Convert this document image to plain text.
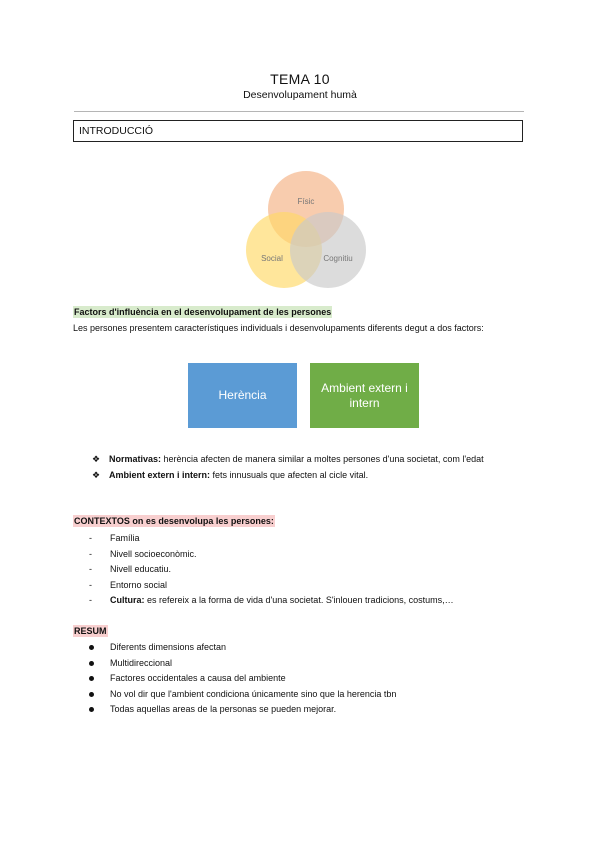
TEMA 10
Desenvolupament humà
INTRODUCCIÓ
Físic
Social	Cognitiu
Factors d'influència en el desenvolupament de les persones
Les persones presentem característiques individuals i desenvolupaments diferents degut a dos factors:
Herència
Ambient extern i intern
❖ Normativas: herència afecten de manera similar a moltes persones d'una societat, com l'edat
❖ Ambient extern i intern: fets innusuals que afecten al cicle vital.
CONTEXTOS on es desenvolupa les persones:
- Família
- Nivell socioeconòmic.
- Nivell educatiu.
- Entorno social
- Cultura: es refereix a la forma de vida d'una societat. S'inlouen tradicions, costums,…
RESUM
Diferents dimensions afectan
Multidireccional
Factores occidentales a causa del ambiente
No vol dir que l'ambient condiciona únicamente sino que la herencia tbn
Todas aquellas areas de la personas se pueden mejorar.
